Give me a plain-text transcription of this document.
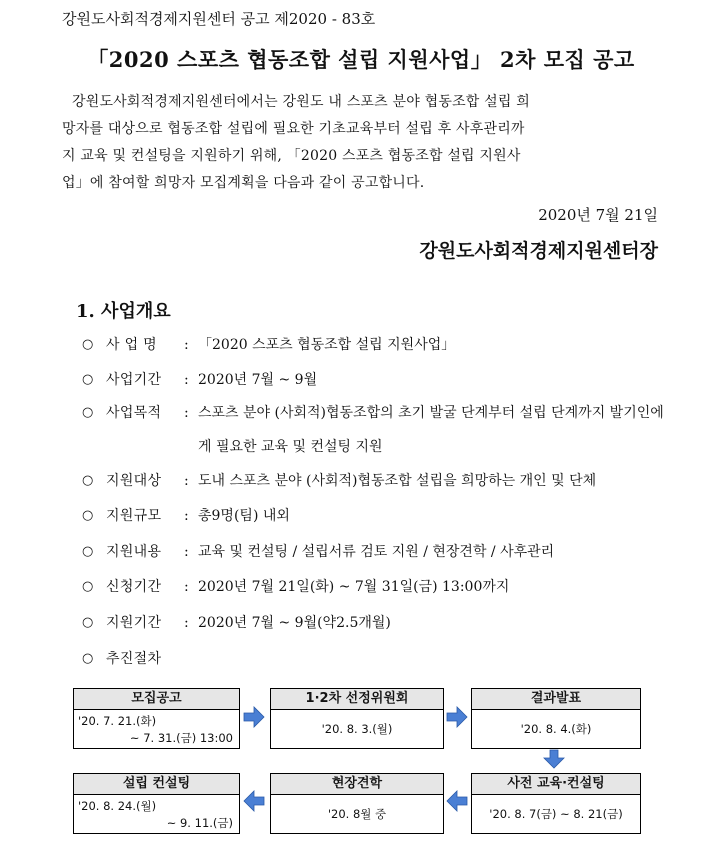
강원도사회적경제지원센터 공고 제2020 - 83호
「2020 스포츠 협동조합 설립 지원사업」 2차 모집 공고
강원도사회적경제지원센터에서는 강원도 내 스포츠 분야 협동조합 설립 희
망자를 대상으로 협동조합 설립에 필요한 기초교육부터 설립 후 사후관리까
지 교육 및 컨설팅을 지원하기 위해, 「2020 스포츠 협동조합 설립 지원사
업」에 참여할 희망자 모집계획을 다음과 같이 공고합니다.
2020년 7월 21일
강원도사회적경제지원센터장
1. 사업개요
○ 사 업 명	: 「2020 스포츠 협동조합 설립 지원사업」
○ 사업기간	: 2020년 7월 ~ 9월
○ 사업목적	: 스포츠 분야 (사회적)협동조합의 초기 발굴 단계부터 설립 단계까지 발기인에게 필요한 교육 및 컨설팅 지원
○ 지원대상	: 도내 스포츠 분야 (사회적)협동조합 설립을 희망하는 개인 및 단체
○ 지원규모	: 총9명(팀) 내외
○ 지원내용	: 교육 및 컨설팅 / 설립서류 검토 지원 / 현장견학 / 사후관리
○ 신청기간	: 2020년 7월 21일(화) ~ 7월 31일(금) 13:00까지
○ 지원기간	: 2020년 7월 ~ 9월(약2.5개월)
○ 추진절차
모집공고
'20. 7. 21.(화)
~ 7. 31.(금) 13:00
1·2차 선정위원회
'20. 8. 3.(월)
결과발표
'20. 8. 4.(화)
사전 교육·컨설팅
'20. 8. 7(금) ~ 8. 21(금)
현장견학
'20. 8월 중
설립 컨설팅
'20. 8. 24.(월)
~ 9. 11.(금)
